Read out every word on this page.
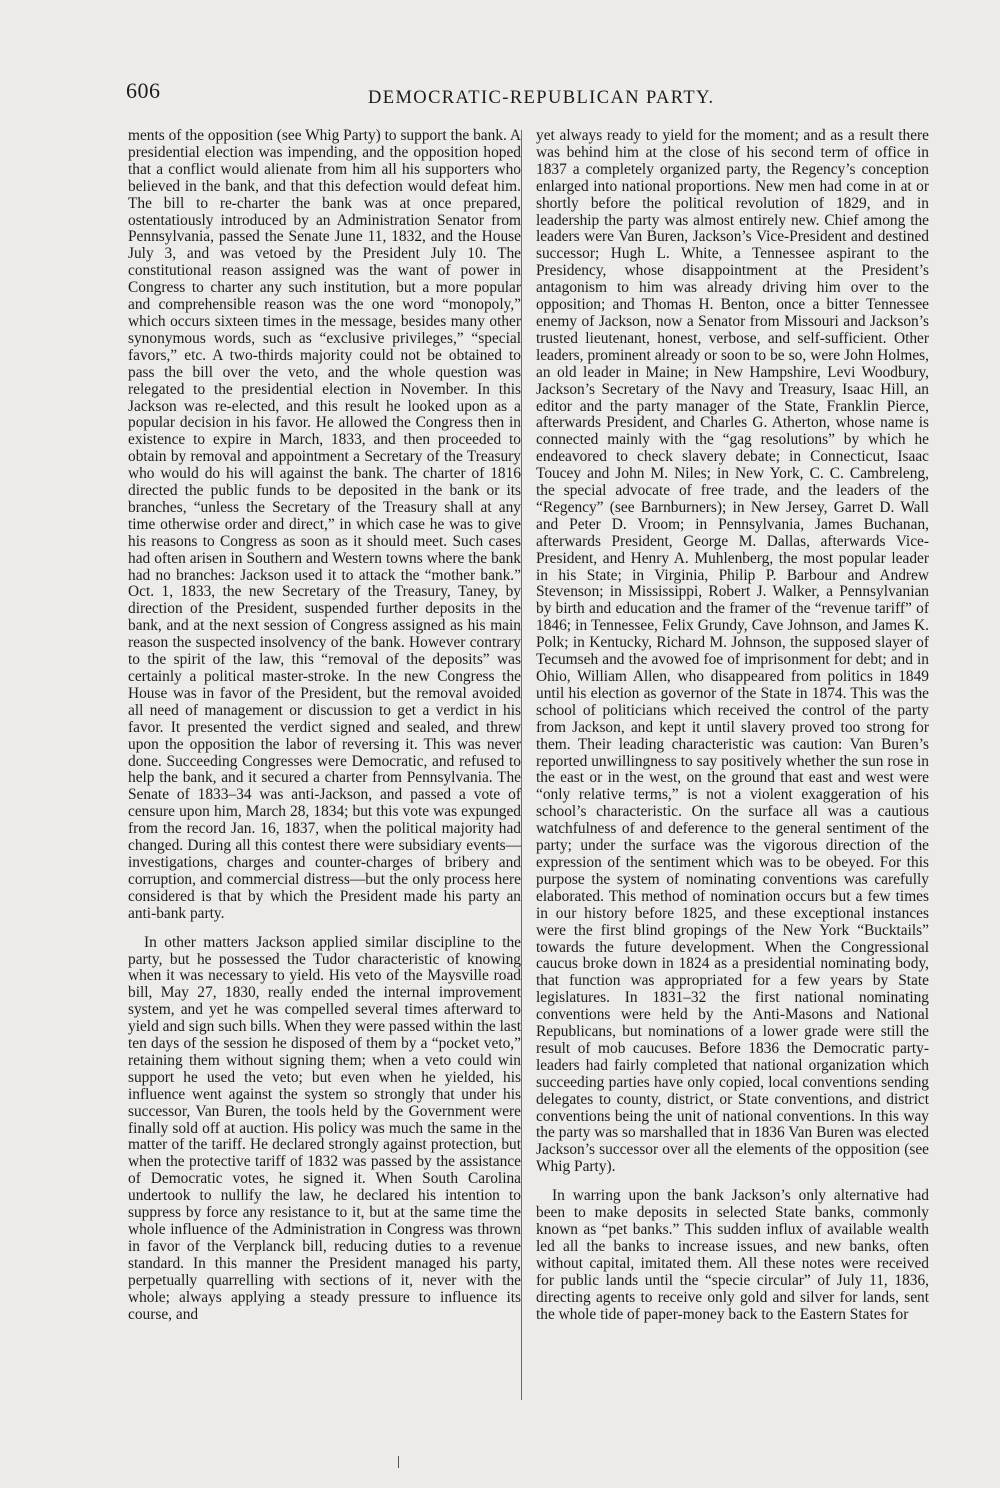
606	DEMOCRATIC-REPUBLICAN PARTY.

ments of the opposition (see Whig Party) to support the bank. A presidential election was impending, and the opposition hoped that a conflict would alienate from him all his supporters who believed in the bank, and that this defection would defeat him. The bill to re-charter the bank was at once prepared, ostentatiously introduced by an Administration Senator from Pennsylvania, passed the Senate June 11, 1832, and the House July 3, and was vetoed by the President July 10. The constitutional reason assigned was the want of power in Congress to charter any such institution, but a more popular and comprehensible reason was the one word “monopoly,” which occurs sixteen times in the message, besides many other synonymous words, such as “exclusive privileges,” “special favors,” etc. A two-thirds majority could not be obtained to pass the bill over the veto, and the whole question was relegated to the presidential election in November. In this Jackson was re-elected, and this result he looked upon as a popular decision in his favor. He allowed the Congress then in existence to expire in March, 1833, and then proceeded to obtain by removal and appointment a Secretary of the Treasury who would do his will against the bank. The charter of 1816 directed the public funds to be deposited in the bank or its branches, “unless the Secretary of the Treasury shall at any time otherwise order and direct,” in which case he was to give his reasons to Congress as soon as it should meet. Such cases had often arisen in Southern and Western towns where the bank had no branches: Jackson used it to attack the “mother bank.” Oct. 1, 1833, the new Secretary of the Treasury, Taney, by direction of the President, suspended further deposits in the bank, and at the next session of Congress assigned as his main reason the suspected insolvency of the bank. However contrary to the spirit of the law, this “removal of the deposits” was certainly a political master-stroke. In the new Congress the House was in favor of the President, but the removal avoided all need of management or discussion to get a verdict in his favor. It presented the verdict signed and sealed, and threw upon the opposition the labor of reversing it. This was never done. Succeeding Congresses were Democratic, and refused to help the bank, and it secured a charter from Pennsylvania. The Senate of 1833–34 was anti-Jackson, and passed a vote of censure upon him, March 28, 1834; but this vote was expunged from the record Jan. 16, 1837, when the political majority had changed. During all this contest there were subsidiary events—investigations, charges and counter-charges of bribery and corruption, and commercial distress—but the only process here considered is that by which the President made his party an anti-bank party.

In other matters Jackson applied similar discipline to the party, but he possessed the Tudor characteristic of knowing when it was necessary to yield. His veto of the Maysville road bill, May 27, 1830, really ended the internal improvement system, and yet he was compelled several times afterward to yield and sign such bills. When they were passed within the last ten days of the session he disposed of them by a “pocket veto,” retaining them without signing them; when a veto could win support he used the veto; but even when he yielded, his influence went against the system so strongly that under his successor, Van Buren, the tools held by the Government were finally sold off at auction. His policy was much the same in the matter of the tariff. He declared strongly against protection, but when the protective tariff of 1832 was passed by the assistance of Democratic votes, he signed it. When South Carolina undertook to nullify the law, he declared his intention to suppress by force any resistance to it, but at the same time the whole influence of the Administration in Congress was thrown in favor of the Verplanck bill, reducing duties to a revenue standard. In this manner the President managed his party, perpetually quarrelling with sections of it, never with the whole; always applying a steady pressure to influence its course, and

yet always ready to yield for the moment; and as a result there was behind him at the close of his second term of office in 1837 a completely organized party, the Regency’s conception enlarged into national proportions. New men had come in at or shortly before the political revolution of 1829, and in leadership the party was almost entirely new. Chief among the leaders were Van Buren, Jackson’s Vice-President and destined successor; Hugh L. White, a Tennessee aspirant to the Presidency, whose disappointment at the President’s antagonism to him was already driving him over to the opposition; and Thomas H. Benton, once a bitter Tennessee enemy of Jackson, now a Senator from Missouri and Jackson’s trusted lieutenant, honest, verbose, and self-sufficient. Other leaders, prominent already or soon to be so, were John Holmes, an old leader in Maine; in New Hampshire, Levi Woodbury, Jackson’s Secretary of the Navy and Treasury, Isaac Hill, an editor and the party manager of the State, Franklin Pierce, afterwards President, and Charles G. Atherton, whose name is connected mainly with the “gag resolutions” by which he endeavored to check slavery debate; in Connecticut, Isaac Toucey and John M. Niles; in New York, C. C. Cambreleng, the special advocate of free trade, and the leaders of the “Regency” (see Barnburners); in New Jersey, Garret D. Wall and Peter D. Vroom; in Pennsylvania, James Buchanan, afterwards President, George M. Dallas, afterwards Vice-President, and Henry A. Muhlenberg, the most popular leader in his State; in Virginia, Philip P. Barbour and Andrew Stevenson; in Mississippi, Robert J. Walker, a Pennsylvanian by birth and education and the framer of the “revenue tariff” of 1846; in Tennessee, Felix Grundy, Cave Johnson, and James K. Polk; in Kentucky, Richard M. Johnson, the supposed slayer of Tecumseh and the avowed foe of imprisonment for debt; and in Ohio, William Allen, who disappeared from politics in 1849 until his election as governor of the State in 1874. This was the school of politicians which received the control of the party from Jackson, and kept it until slavery proved too strong for them. Their leading characteristic was caution: Van Buren’s reported unwillingness to say positively whether the sun rose in the east or in the west, on the ground that east and west were “only relative terms,” is not a violent exaggeration of his school’s characteristic. On the surface all was a cautious watchfulness of and deference to the general sentiment of the party; under the surface was the vigorous direction of the expression of the sentiment which was to be obeyed. For this purpose the system of nominating conventions was carefully elaborated. This method of nomination occurs but a few times in our history before 1825, and these exceptional instances were the first blind gropings of the New York “Bucktails” towards the future development. When the Congressional caucus broke down in 1824 as a presidential nominating body, that function was appropriated for a few years by State legislatures. In 1831–32 the first national nominating conventions were held by the Anti-Masons and National Republicans, but nominations of a lower grade were still the result of mob caucuses. Before 1836 the Democratic party-leaders had fairly completed that national organization which succeeding parties have only copied, local conventions sending delegates to county, district, or State conventions, and district conventions being the unit of national conventions. In this way the party was so marshalled that in 1836 Van Buren was elected Jackson’s successor over all the elements of the opposition (see Whig Party).

In warring upon the bank Jackson’s only alternative had been to make deposits in selected State banks, commonly known as “pet banks.” This sudden influx of available wealth led all the banks to increase issues, and new banks, often without capital, imitated them. All these notes were received for public lands until the “specie circular” of July 11, 1836, directing agents to receive only gold and silver for lands, sent the whole tide of paper-money back to the Eastern States for
